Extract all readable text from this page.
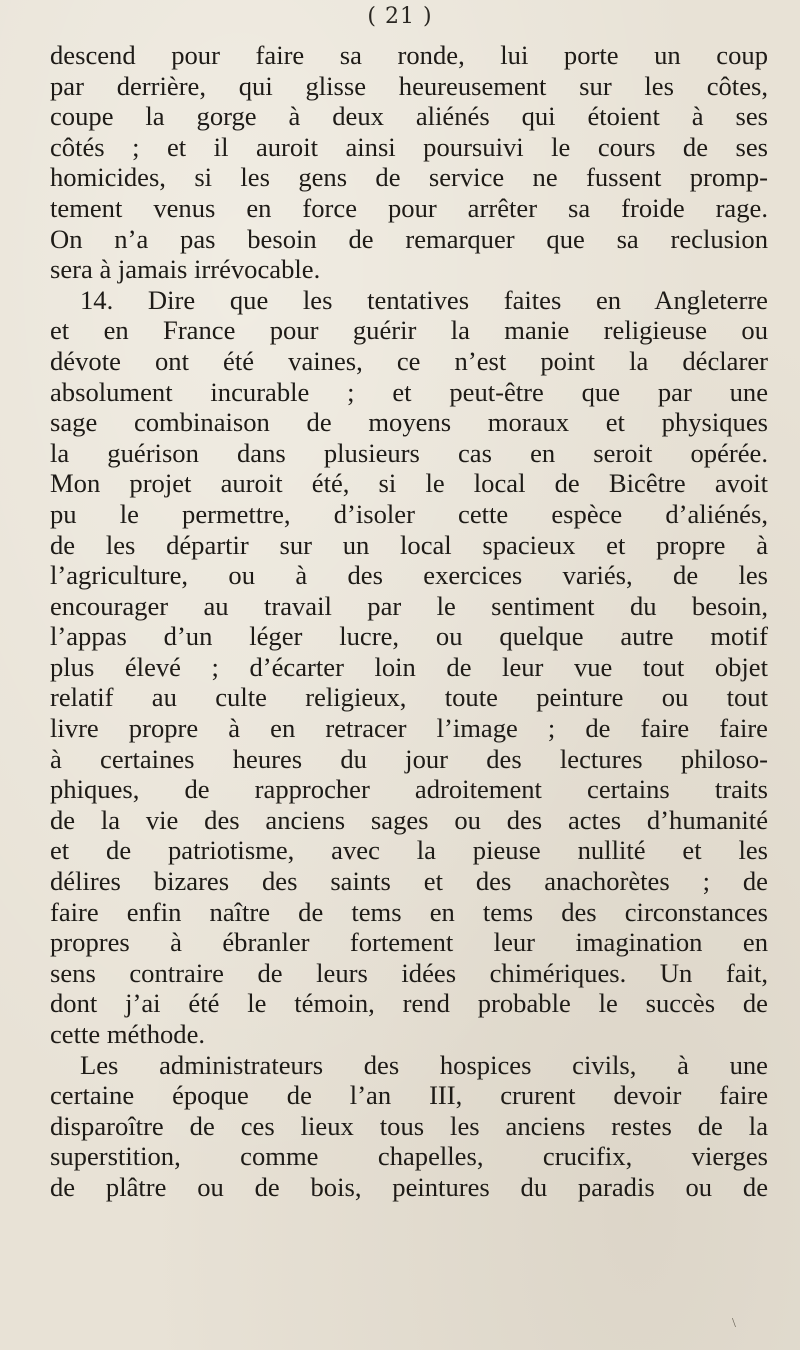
( 21 )
descend pour faire sa ronde, lui porte un coup
par derrière, qui glisse heureusement sur les côtes,
coupe la gorge à deux aliénés qui étoient à ses
côtés ; et il auroit ainsi poursuivi le cours de ses
homicides, si les gens de service ne fussent promp-
tement venus en force pour arrêter sa froide rage.
On n’a pas besoin de remarquer que sa reclusion
sera à jamais irrévocable.
14. Dire que les tentatives faites en Angleterre
et en France pour guérir la manie religieuse ou
dévote ont été vaines, ce n’est point la déclarer
absolument incurable ; et peut-être que par une
sage combinaison de moyens moraux et physiques
la guérison dans plusieurs cas en seroit opérée.
Mon projet auroit été, si le local de Bicêtre avoit
pu le permettre, d’isoler cette espèce d’aliénés,
de les départir sur un local spacieux et propre à
l’agriculture, ou à des exercices variés, de les
encourager au travail par le sentiment du besoin,
l’appas d’un léger lucre, ou quelque autre motif
plus élevé ; d’écarter loin de leur vue tout objet
relatif au culte religieux, toute peinture ou tout
livre propre à en retracer l’image ; de faire faire
à certaines heures du jour des lectures philoso-
phiques, de rapprocher adroitement certains traits
de la vie des anciens sages ou des actes d’humanité
et de patriotisme, avec la pieuse nullité et les
délires bizares des saints et des anachorètes ; de
faire enfin naître de tems en tems des circonstances
propres à ébranler fortement leur imagination en
sens contraire de leurs idées chimériques. Un fait,
dont j’ai été le témoin, rend probable le succès de
cette méthode.
Les administrateurs des hospices civils, à une
certaine époque de l’an III, crurent devoir faire
disparoître de ces lieux tous les anciens restes de la
superstition, comme chapelles, crucifix, vierges
de plâtre ou de bois, peintures du paradis ou de
\
